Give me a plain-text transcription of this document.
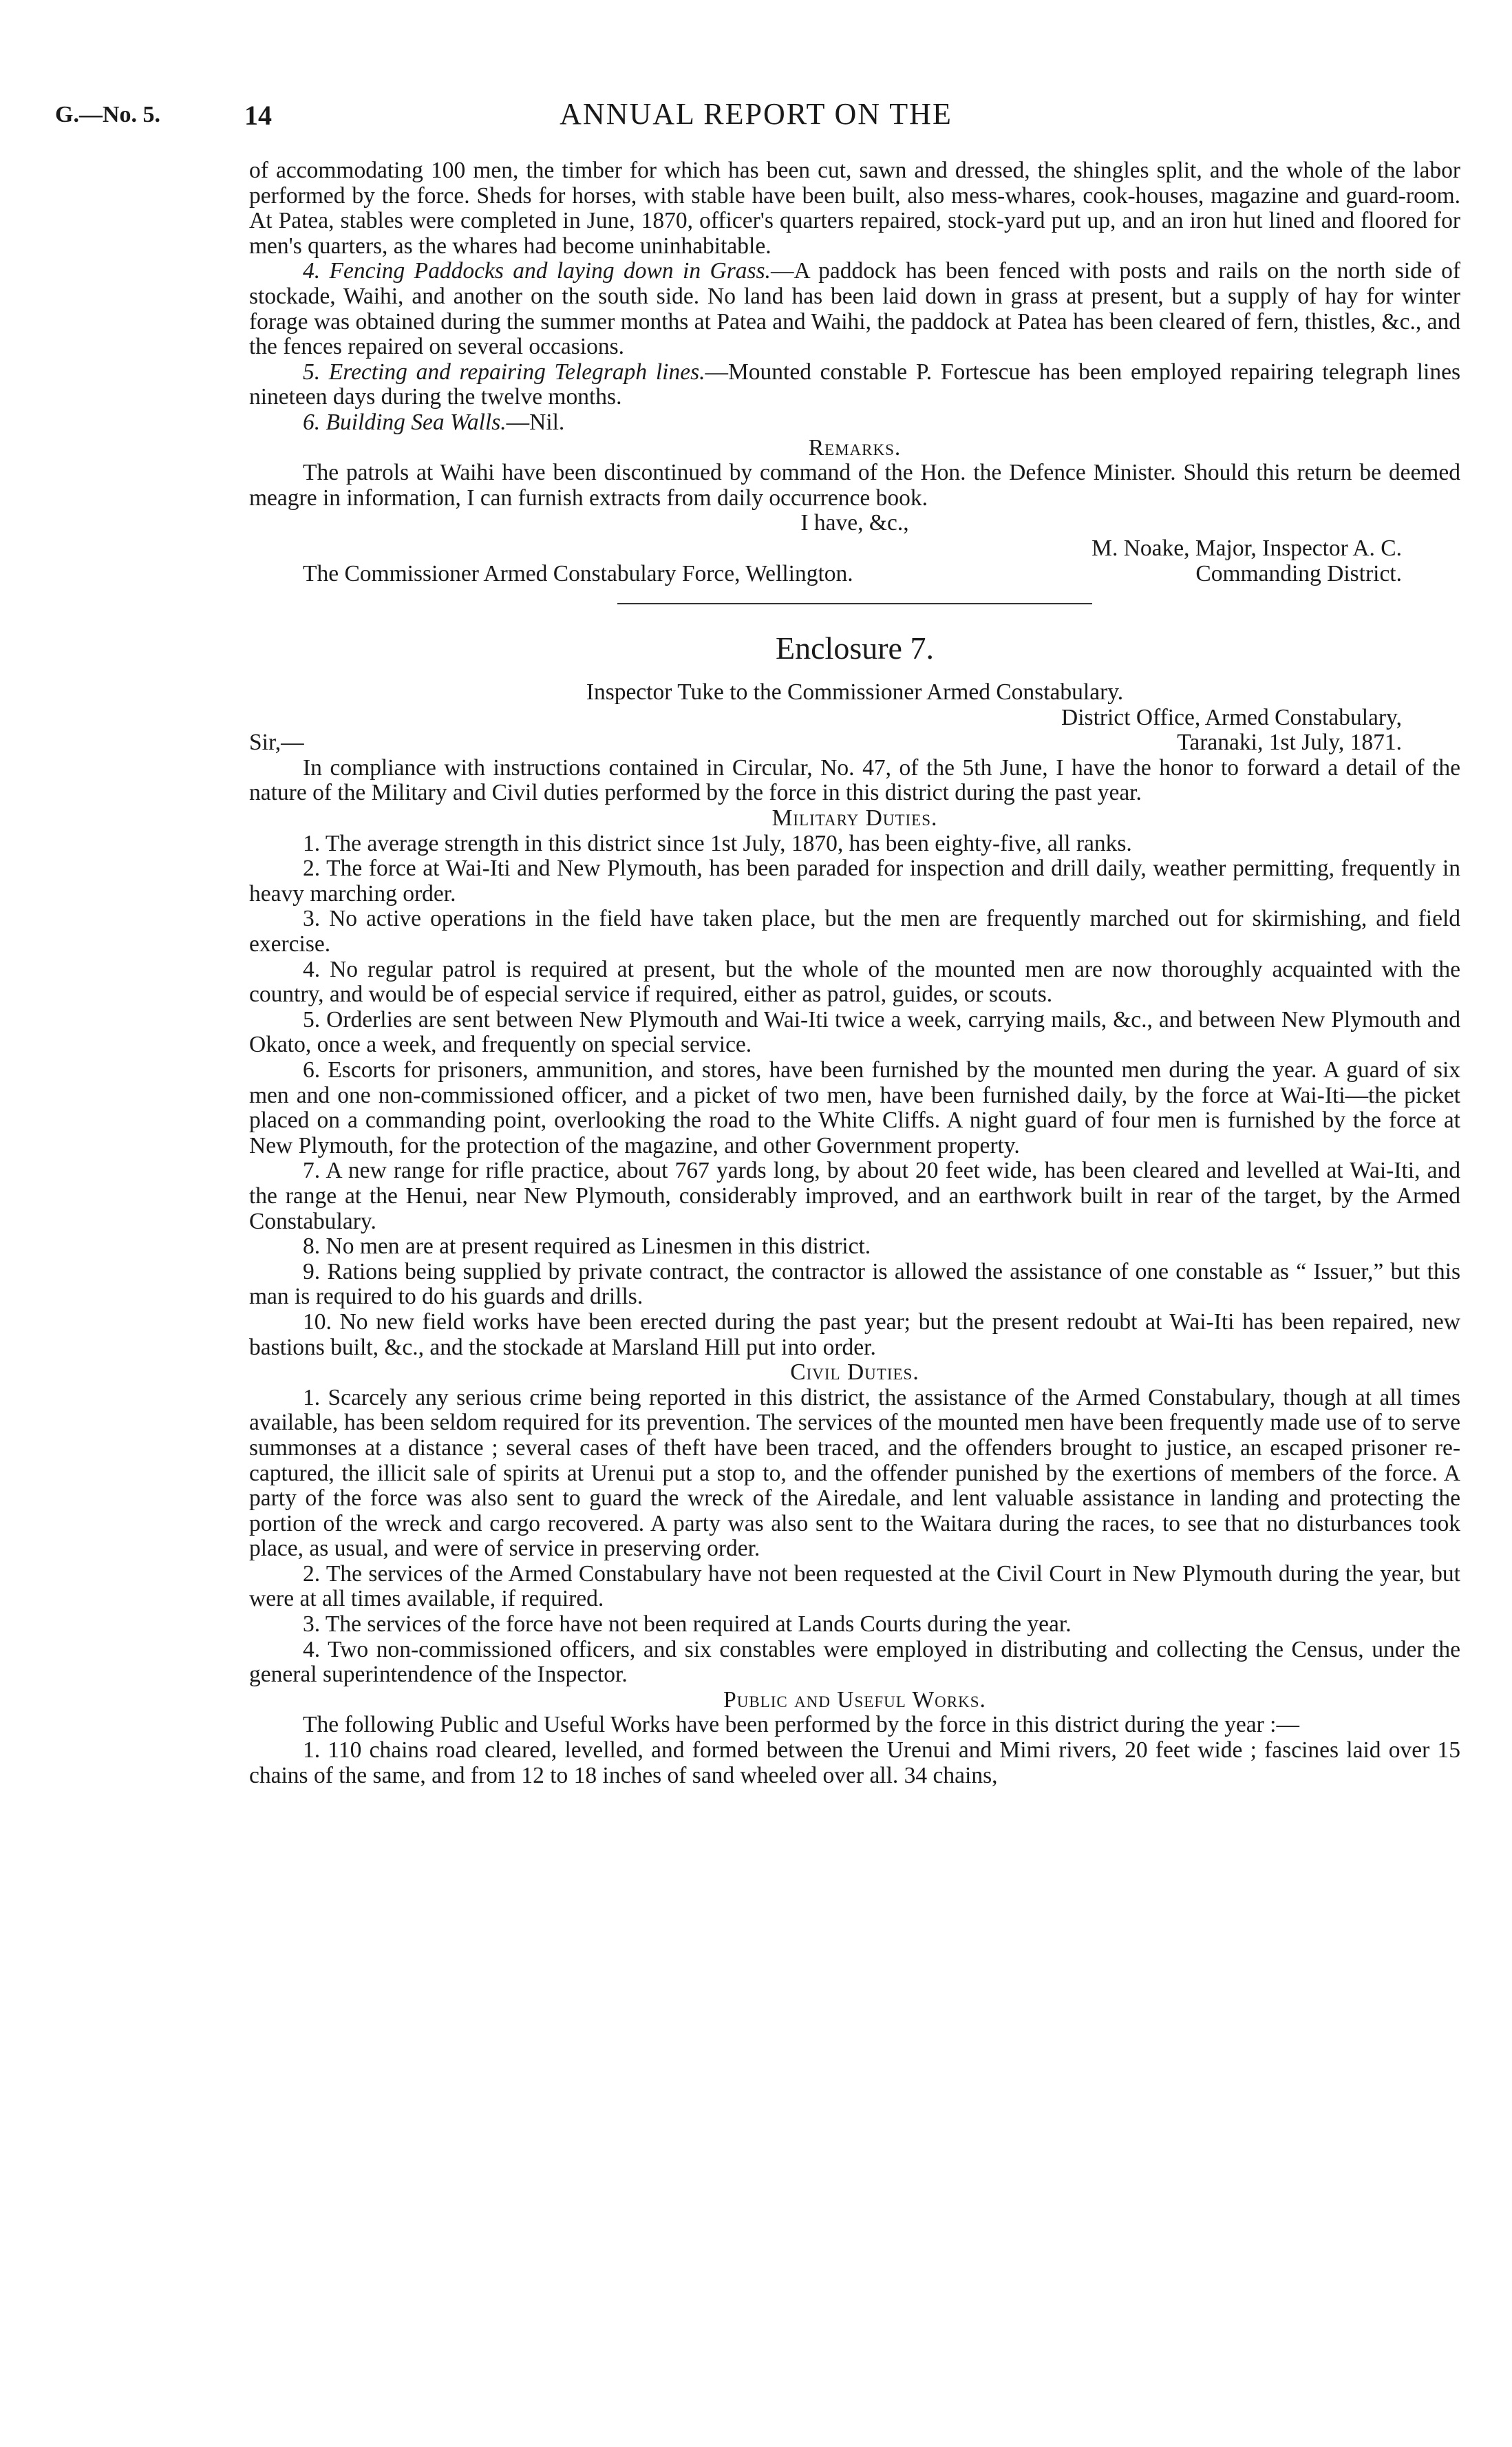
G.—No. 5.	14	ANNUAL REPORT ON THE

of accommodating 100 men, the timber for which has been cut, sawn and dressed, the shingles split, and the whole of the labor performed by the force. Sheds for horses, with stable have been built, also mess-whares, cook-houses, magazine and guard-room. At Patea, stables were completed in June, 1870, officer's quarters repaired, stock-yard put up, and an iron hut lined and floored for men's quarters, as the whares had become uninhabitable.

4. Fencing Paddocks and laying down in Grass.—A paddock has been fenced with posts and rails on the north side of stockade, Waihi, and another on the south side. No land has been laid down in grass at present, but a supply of hay for winter forage was obtained during the summer months at Patea and Waihi, the paddock at Patea has been cleared of fern, thistles, &c., and the fences repaired on several occasions.

5. Erecting and repairing Telegraph lines.—Mounted constable P. Fortescue has been employed repairing telegraph lines nineteen days during the twelve months.

6. Building Sea Walls.—Nil.

Remarks.

The patrols at Waihi have been discontinued by command of the Hon. the Defence Minister. Should this return be deemed meagre in information, I can furnish extracts from daily occurrence book.

I have, &c.,

M. Noake, Major, Inspector A. C.

The Commissioner Armed Constabulary Force, Wellington.	Commanding District.
Enclosure 7.

Inspector Tuke to the Commissioner Armed Constabulary.

District Office, Armed Constabulary,

Sir,—	Taranaki, 1st July, 1871.

In compliance with instructions contained in Circular, No. 47, of the 5th June, I have the honor to forward a detail of the nature of the Military and Civil duties performed by the force in this district during the past year.

Military Duties.

1. The average strength in this district since 1st July, 1870, has been eighty-five, all ranks.

2. The force at Wai-Iti and New Plymouth, has been paraded for inspection and drill daily, weather permitting, frequently in heavy marching order.

3. No active operations in the field have taken place, but the men are frequently marched out for skirmishing, and field exercise.

4. No regular patrol is required at present, but the whole of the mounted men are now thoroughly acquainted with the country, and would be of especial service if required, either as patrol, guides, or scouts.

5. Orderlies are sent between New Plymouth and Wai-Iti twice a week, carrying mails, &c., and between New Plymouth and Okato, once a week, and frequently on special service.

6. Escorts for prisoners, ammunition, and stores, have been furnished by the mounted men during the year. A guard of six men and one non-commissioned officer, and a picket of two men, have been furnished daily, by the force at Wai-Iti—the picket placed on a commanding point, overlooking the road to the White Cliffs. A night guard of four men is furnished by the force at New Plymouth, for the protection of the magazine, and other Government property.

7. A new range for rifle practice, about 767 yards long, by about 20 feet wide, has been cleared and levelled at Wai-Iti, and the range at the Henui, near New Plymouth, considerably improved, and an earthwork built in rear of the target, by the Armed Constabulary.

8. No men are at present required as Linesmen in this district.

9. Rations being supplied by private contract, the contractor is allowed the assistance of one constable as “ Issuer,” but this man is required to do his guards and drills.

10. No new field works have been erected during the past year; but the present redoubt at Wai-Iti has been repaired, new bastions built, &c., and the stockade at Marsland Hill put into order.

Civil Duties.

1. Scarcely any serious crime being reported in this district, the assistance of the Armed Constabulary, though at all times available, has been seldom required for its prevention. The services of the mounted men have been frequently made use of to serve summonses at a distance ; several cases of theft have been traced, and the offenders brought to justice, an escaped prisoner re-captured, the illicit sale of spirits at Urenui put a stop to, and the offender punished by the exertions of members of the force. A party of the force was also sent to guard the wreck of the Airedale, and lent valuable assistance in landing and protecting the portion of the wreck and cargo recovered. A party was also sent to the Waitara during the races, to see that no disturbances took place, as usual, and were of service in preserving order.

2. The services of the Armed Constabulary have not been requested at the Civil Court in New Plymouth during the year, but were at all times available, if required.

3. The services of the force have not been required at Lands Courts during the year.

4. Two non-commissioned officers, and six constables were employed in distributing and collecting the Census, under the general superintendence of the Inspector.

Public and Useful Works.

The following Public and Useful Works have been performed by the force in this district during the year :—

1. 110 chains road cleared, levelled, and formed between the Urenui and Mimi rivers, 20 feet wide ; fascines laid over 15 chains of the same, and from 12 to 18 inches of sand wheeled over all. 34 chains,
